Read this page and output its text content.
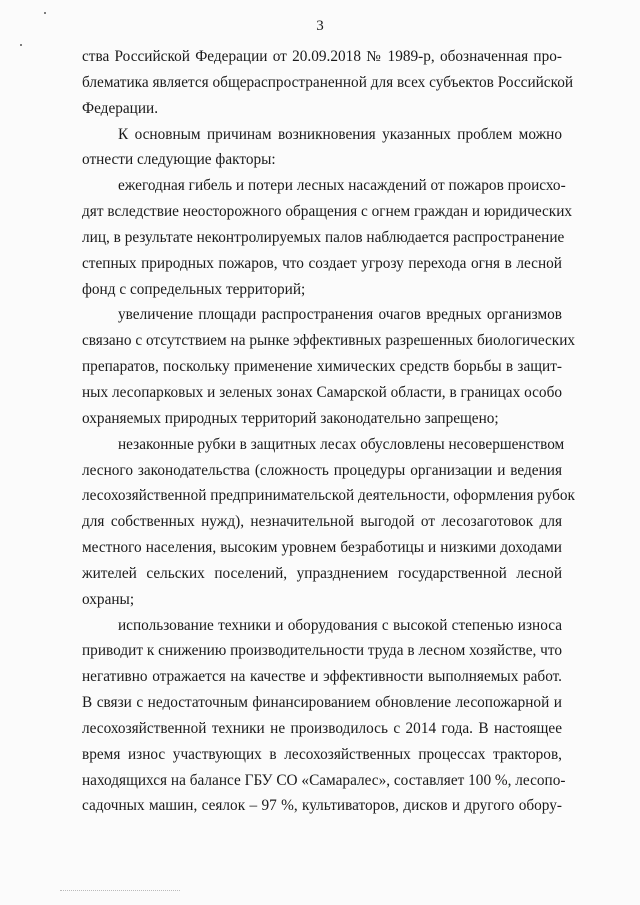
3
ства Российской Федерации от 20.09.2018 № 1989-р, обозначенная про-
блематика является общераспространенной для всех субъектов Российской
Федерации.
К основным причинам возникновения указанных проблем можно
отнести следующие факторы:
ежегодная гибель и потери лесных насаждений от пожаров происхо-
дят вследствие неосторожного обращения с огнем граждан и юридических
лиц, в результате неконтролируемых палов наблюдается распространение
степных природных пожаров, что создает угрозу перехода огня в лесной
фонд с сопредельных территорий;
увеличение площади распространения очагов вредных организмов
связано с отсутствием на рынке эффективных разрешенных биологических
препаратов, поскольку применение химических средств борьбы в защит-
ных лесопарковых и зеленых зонах Самарской области, в границах особо
охраняемых природных территорий законодательно запрещено;
незаконные рубки в защитных лесах обусловлены несовершенством
лесного законодательства (сложность процедуры организации и ведения
лесохозяйственной предпринимательской деятельности, оформления рубок
для собственных нужд), незначительной выгодой от лесозаготовок для
местного населения, высоким уровнем безработицы и низкими доходами
жителей сельских поселений, упразднением государственной лесной
охраны;
использование техники и оборудования с высокой степенью износа
приводит к снижению производительности труда в лесном хозяйстве, что
негативно отражается на качестве и эффективности выполняемых работ.
В связи с недостаточным финансированием обновление лесопожарной и
лесохозяйственной техники не производилось с 2014 года. В настоящее
время износ участвующих в лесохозяйственных процессах тракторов,
находящихся на балансе ГБУ СО «Самаралес», составляет 100 %, лесопо-
садочных машин, сеялок – 97 %, культиваторов, дисков и другого обору-
